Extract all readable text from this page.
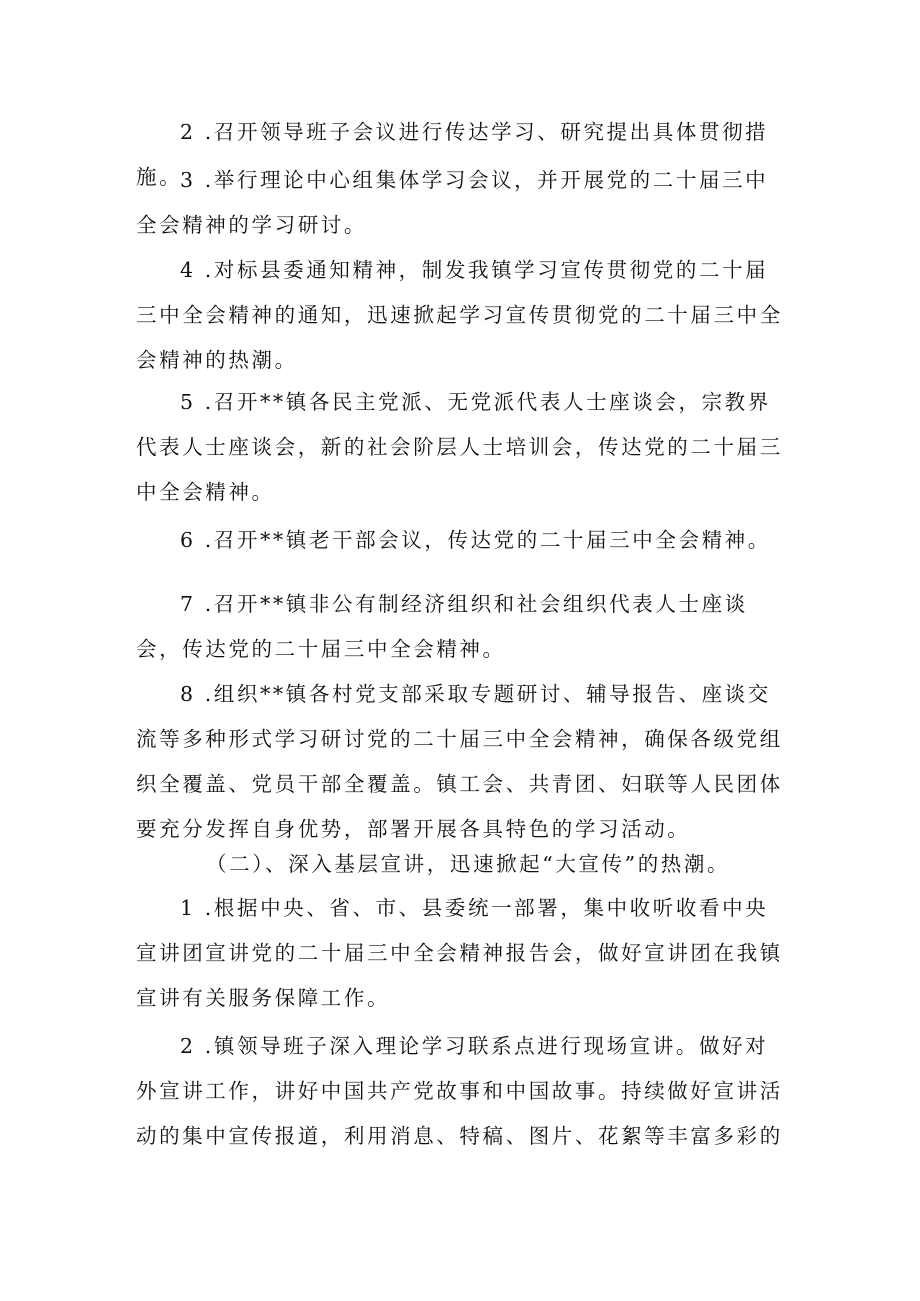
2 .召开领导班子会议进行传达学习、研究提出具体贯彻措施。

3 .举行理论中心组集体学习会议，并开展党的二十届三中全会精神的学习研讨。

4 .对标县委通知精神，制发我镇学习宣传贯彻党的二十届三中全会精神的通知，迅速掀起学习宣传贯彻党的二十届三中全会精神的热潮。

5 .召开**镇各民主党派、无党派代表人士座谈会，宗教界代表人士座谈会，新的社会阶层人士培训会，传达党的二十届三中全会精神。

6 .召开**镇老干部会议，传达党的二十届三中全会精神。

7 .召开**镇非公有制经济组织和社会组织代表人士座谈会，传达党的二十届三中全会精神。

8 .组织**镇各村党支部采取专题研讨、辅导报告、座谈交流等多种形式学习研讨党的二十届三中全会精神，确保各级党组织全覆盖、党员干部全覆盖。镇工会、共青团、妇联等人民团体要充分发挥自身优势，部署开展各具特色的学习活动。

（二）、深入基层宣讲，迅速掀起“大宣传”的热潮。

1 .根据中央、省、市、县委统一部署，集中收听收看中央宣讲团宣讲党的二十届三中全会精神报告会，做好宣讲团在我镇宣讲有关服务保障工作。

2 .镇领导班子深入理论学习联系点进行现场宣讲。做好对外宣讲工作，讲好中国共产党故事和中国故事。持续做好宣讲活动的集中宣传报道，利用消息、特稿、图片、花絮等丰富多彩的
